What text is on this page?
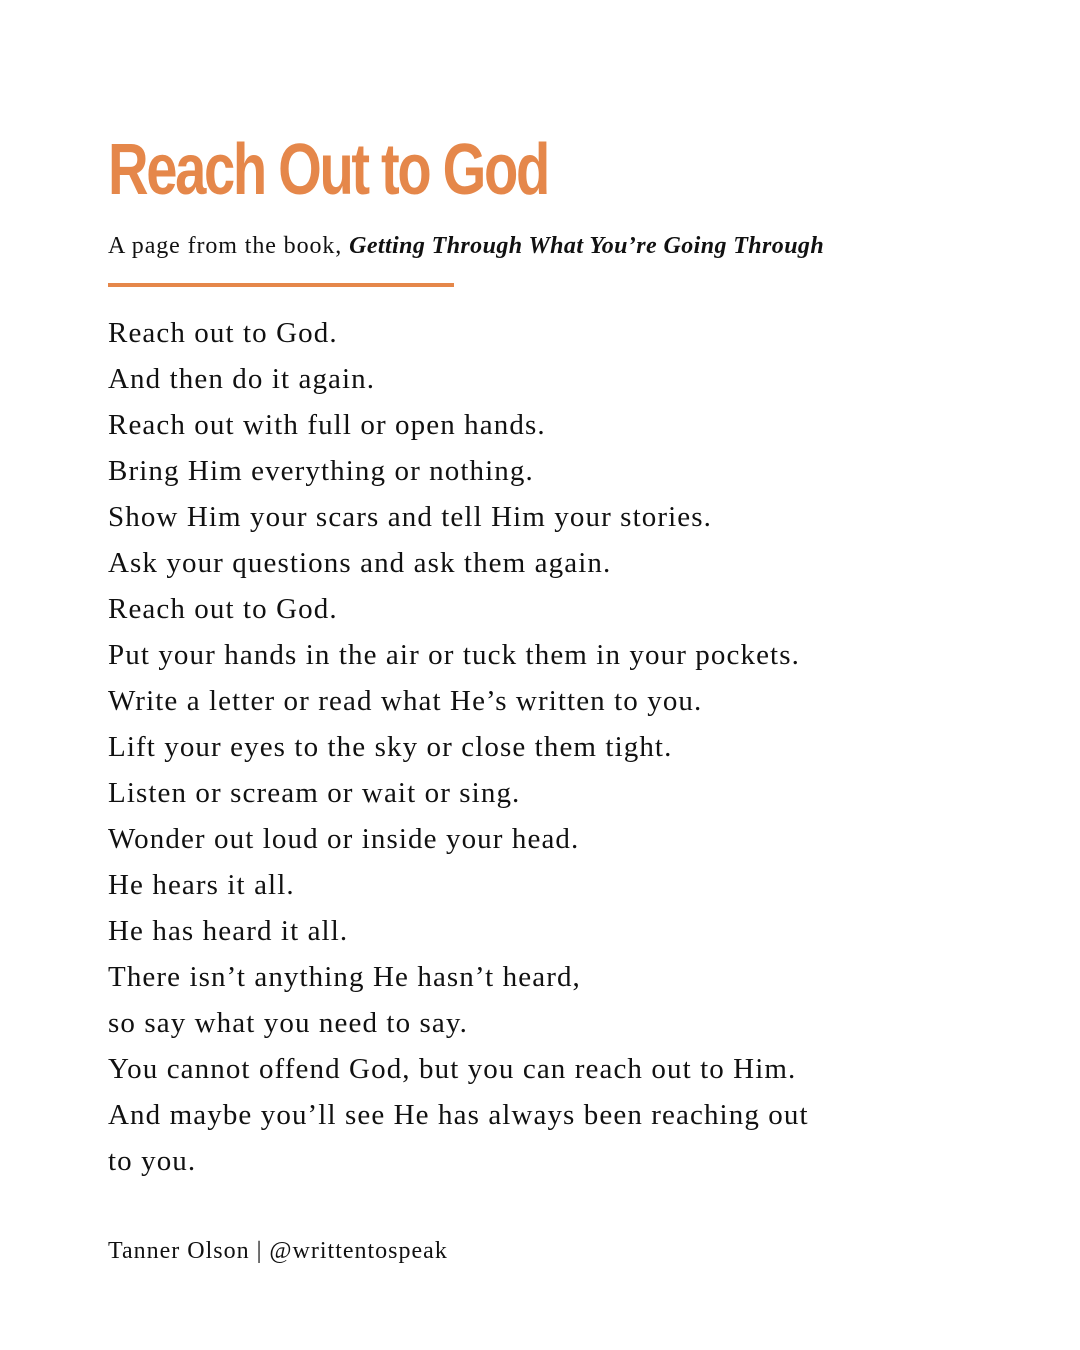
Reach Out to God

A page from the book, Getting Through What You’re Going Through

Reach out to God.
And then do it again.
Reach out with full or open hands.
Bring Him everything or nothing.
Show Him your scars and tell Him your stories.
Ask your questions and ask them again.
Reach out to God.
Put your hands in the air or tuck them in your pockets.
Write a letter or read what He’s written to you.
Lift your eyes to the sky or close them tight.
Listen or scream or wait or sing.
Wonder out loud or inside your head.
He hears it all.
He has heard it all.
There isn’t anything He hasn’t heard,
so say what you need to say.
You cannot offend God, but you can reach out to Him.
And maybe you’ll see He has always been reaching out
to you.

Tanner Olson | @writtentospeak
